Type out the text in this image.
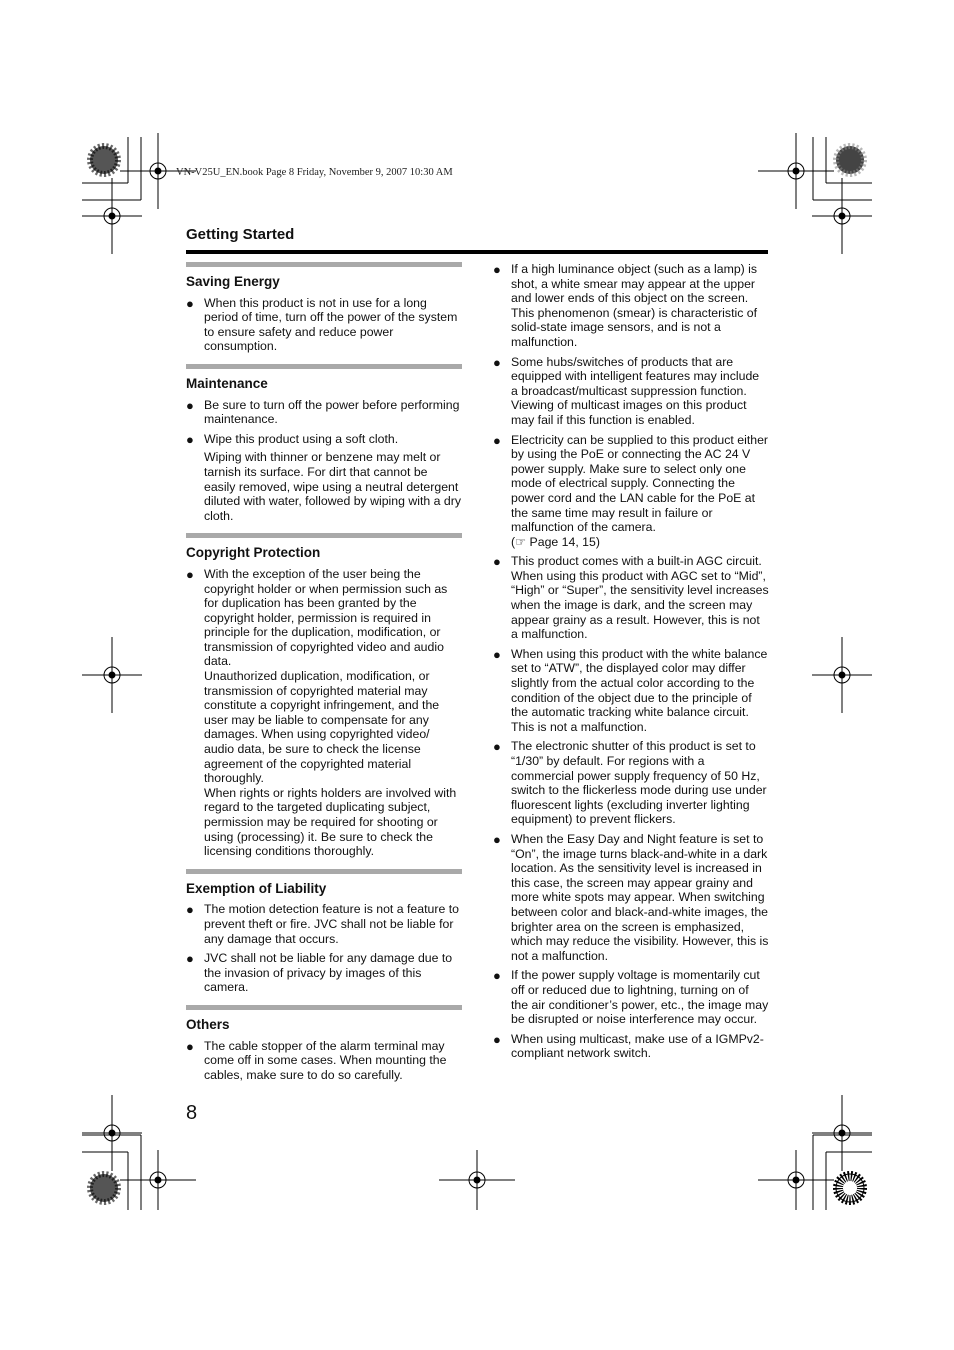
VN-V25U_EN.book Page 8 Friday, November 9, 2007 10:30 AM
Getting Started
Saving Energy
● When this product is not in use for a long period of time, turn off the power of the system to ensure safety and reduce power consumption.

Maintenance
● Be sure to turn off the power before performing maintenance.

● Wipe this product using a soft cloth.

Wiping with thinner or benzene may melt or tarnish its surface. For dirt that cannot be easily removed, wipe using a neutral detergent diluted with water, followed by wiping with a dry cloth.

Copyright Protection
● With the exception of the user being the copyright holder or when permission such as for duplication has been granted by the copyright holder, permission is required in principle for the duplication, modification, or transmission of copyrighted video and audio data.

Unauthorized duplication, modification, or transmission of copyrighted material may constitute a copyright infringement, and the user may be liable to compensate for any damages. When using copyrighted video/ audio data, be sure to check the license agreement of the copyrighted material thoroughly.

When rights or rights holders are involved with regard to the targeted duplicating subject, permission may be required for shooting or using (processing) it. Be sure to check the licensing conditions thoroughly.

Exemption of Liability
● The motion detection feature is not a feature to prevent theft or fire. JVC shall not be liable for any damage that occurs.

● JVC shall not be liable for any damage due to the invasion of privacy by images of this camera.

Others
● The cable stopper of the alarm terminal may come off in some cases. When mounting the cables, make sure to do so carefully.

● If a high luminance object (such as a lamp) is shot, a white smear may appear at the upper and lower ends of this object on the screen. This phenomenon (smear) is characteristic of solid-state image sensors, and is not a malfunction.

● Some hubs/switches of products that are equipped with intelligent features may include a broadcast/multicast suppression function. Viewing of multicast images on this product may fail if this function is enabled.

● Electricity can be supplied to this product either by using the PoE or connecting the AC 24 V power supply. Make sure to select only one mode of electrical supply. Connecting the power cord and the LAN cable for the PoE at the same time may result in failure or malfunction of the camera.

(☞ Page 14, 15)

● This product comes with a built-in AGC circuit. When using this product with AGC set to “Mid”, “High” or “Super”, the sensitivity level increases when the image is dark, and the screen may appear grainy as a result. However, this is not a malfunction.

● When using this product with the white balance set to “ATW”, the displayed color may differ slightly from the actual color according to the condition of the object due to the principle of the automatic tracking white balance circuit. This is not a malfunction.

● The electronic shutter of this product is set to “1/30” by default. For regions with a commercial power supply frequency of 50 Hz, switch to the flickerless mode during use under fluorescent lights (excluding inverter lighting equipment) to prevent flickers.

● When the Easy Day and Night feature is set to “On”, the image turns black-and-white in a dark location. As the sensitivity level is increased in this case, the screen may appear grainy and more white spots may appear. When switching between color and black-and-white images, the brighter area on the screen is emphasized, which may reduce the visibility. However, this is not a malfunction.

● If the power supply voltage is momentarily cut off or reduced due to lightning, turning on of the air conditioner’s power, etc., the image may be disrupted or noise interference may occur.

● When using multicast, make use of a IGMPv2-compliant network switch.

8
